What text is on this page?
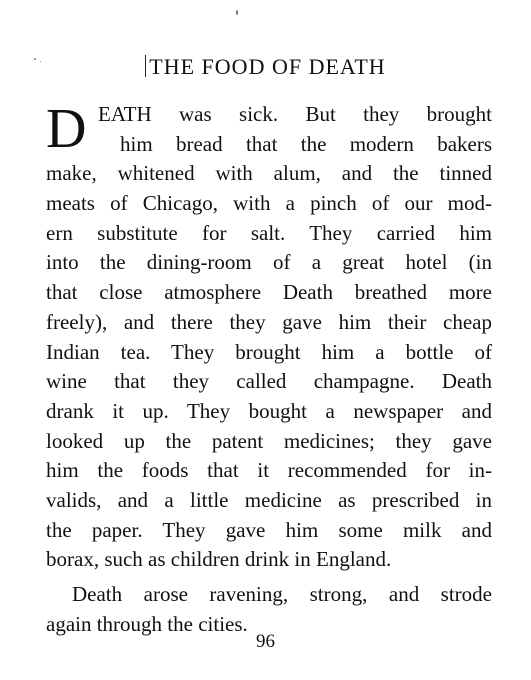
THE FOOD OF DEATH
D EATH was sick. But they brought
him bread that the modern bakers
make, whitened with alum, and the tinned
meats of Chicago, with a pinch of our mod-
ern substitute for salt. They carried him
into the dining-room of a great hotel (in
that close atmosphere Death breathed more
freely), and there they gave him their cheap
Indian tea. They brought him a bottle of
wine that they called champagne. Death
drank it up. They bought a newspaper and
looked up the patent medicines; they gave
him the foods that it recommended for in-
valids, and a little medicine as prescribed in
the paper. They gave him some milk and
borax, such as children drink in England.
Death arose ravening, strong, and strode
again through the cities.
96
